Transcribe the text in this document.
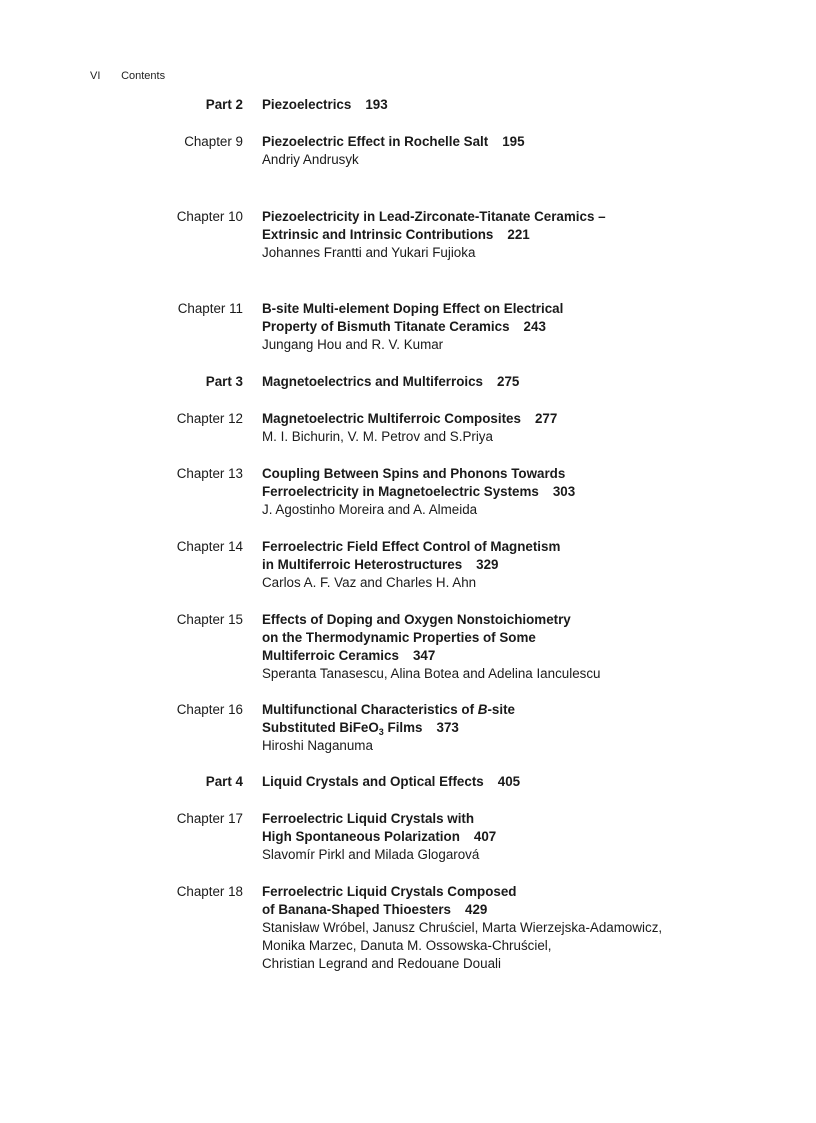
VI Contents
Part 2 Piezoelectrics 193
Chapter 9 Piezoelectric Effect in Rochelle Salt 195
Andriy Andrusyk
Chapter 10 Piezoelectricity in Lead-Zirconate-Titanate Ceramics –
Extrinsic and Intrinsic Contributions 221
Johannes Frantti and Yukari Fujioka
Chapter 11 B-site Multi-element Doping Effect on Electrical
Property of Bismuth Titanate Ceramics 243
Jungang Hou and R. V. Kumar
Part 3 Magnetoelectrics and Multiferroics 275
Chapter 12 Magnetoelectric Multiferroic Composites 277
M. I. Bichurin, V. M. Petrov and S.Priya
Chapter 13 Coupling Between Spins and Phonons Towards
Ferroelectricity in Magnetoelectric Systems 303
J. Agostinho Moreira and A. Almeida
Chapter 14 Ferroelectric Field Effect Control of Magnetism
in Multiferroic Heterostructures 329
Carlos A. F. Vaz and Charles H. Ahn
Chapter 15 Effects of Doping and Oxygen Nonstoichiometry
on the Thermodynamic Properties of Some
Multiferroic Ceramics 347
Speranta Tanasescu, Alina Botea and Adelina Ianculescu
Chapter 16 Multifunctional Characteristics of B-site
Substituted BiFeO$_3$ Films 373
Hiroshi Naganuma
Part 4 Liquid Crystals and Optical Effects 405
Chapter 17 Ferroelectric Liquid Crystals with
High Spontaneous Polarization 407
Slavomír Pirkl and Milada Glogarová
Chapter 18 Ferroelectric Liquid Crystals Composed
of Banana-Shaped Thioesters 429
Stanisław Wróbel, Janusz Chruściel, Marta Wierzejska-Adamowicz,
Monika Marzec, Danuta M. Ossowska-Chruściel,
Christian Legrand and Redouane Douali
